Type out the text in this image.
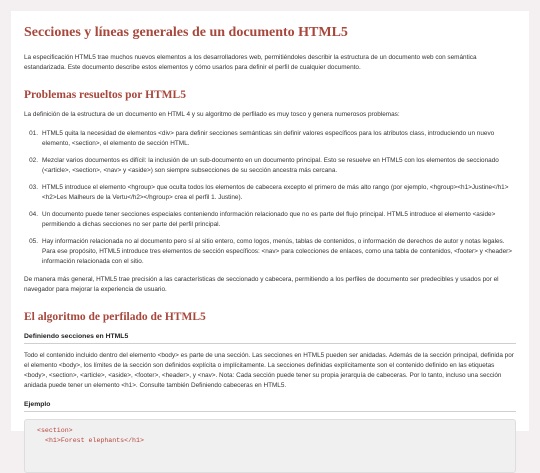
Secciones y líneas generales de un documento HTML5

La especificación HTML5 trae muchos nuevos elementos a los desarrolladores web, permitiéndoles describir la estructura de un documento web con semántica estandarizada. Este documento describe estos elementos y cómo usarlos para definir el perfil de cualquier documento.

Problemas resueltos por HTML5

La definición de la estructura de un documento en HTML 4 y su algoritmo de perfilado es muy tosco y genera numerosos problemas:

01. HTML5 quita la necesidad de elementos <div> para definir secciones semánticas sin definir valores específicos para los atributos class, introduciendo un nuevo elemento, <section>, el elemento de sección HTML.
02. Mezclar varios documentos es difícil: la inclusión de un sub-documento en un documento principal. Esto se resuelve en HTML5 con los elementos de seccionado (<article>, <section>, <nav> y <aside>) son siempre subsecciones de su sección ancestra más cercana.
03. HTML5 introduce el elemento <hgroup> que oculta todos los elementos de cabecera excepto el primero de más alto rango (por ejemplo, <hgroup><h1>Justine</h1><h2>Les Malheurs de la Vertu</h2></hgroup> crea el perfil 1. Justine).
04. Un documento puede tener secciones especiales conteniendo información relacionado que no es parte del flujo principal. HTML5 introduce el elemento <aside> permitiendo a dichas secciones no ser parte del perfil principal.
05. Hay información relacionada no al documento pero sí al sitio entero, como logos, menús, tablas de contenidos, o información de derechos de autor y notas legales. Para ese propósito, HTML5 introduce tres elementos de sección específicos: <nav> para colecciones de enlaces, como una tabla de contenidos, <footer> y <header> información relacionada con el sitio.

De manera más general, HTML5 trae precisión a las características de seccionado y cabecera, permitiendo a los perfiles de documento ser predecibles y usados por el navegador para mejorar la experiencia de usuario.

El algoritmo de perfilado de HTML5
Definiendo secciones en HTML5

Todo el contenido incluido dentro del elemento <body> es parte de una sección. Las secciones en HTML5 pueden ser anidadas. Además de la sección principal, definida por el elemento <body>, los límites de la sección son definidos explícita o implícitamente. La secciones definidas explícitamente son el contenido definido en las etiquetas <body>, <section>, <article>, <aside>, <footer>, <header>, y <nav>. Nota: Cada sección puede tener su propia jerarquía de cabeceras. Por lo tanto, incluso una sección anidada puede tener un elemento <h1>. Consulte también Definiendo cabeceras en HTML5.

Ejemplo
<section>
<h1>Forest elephants</h1>
